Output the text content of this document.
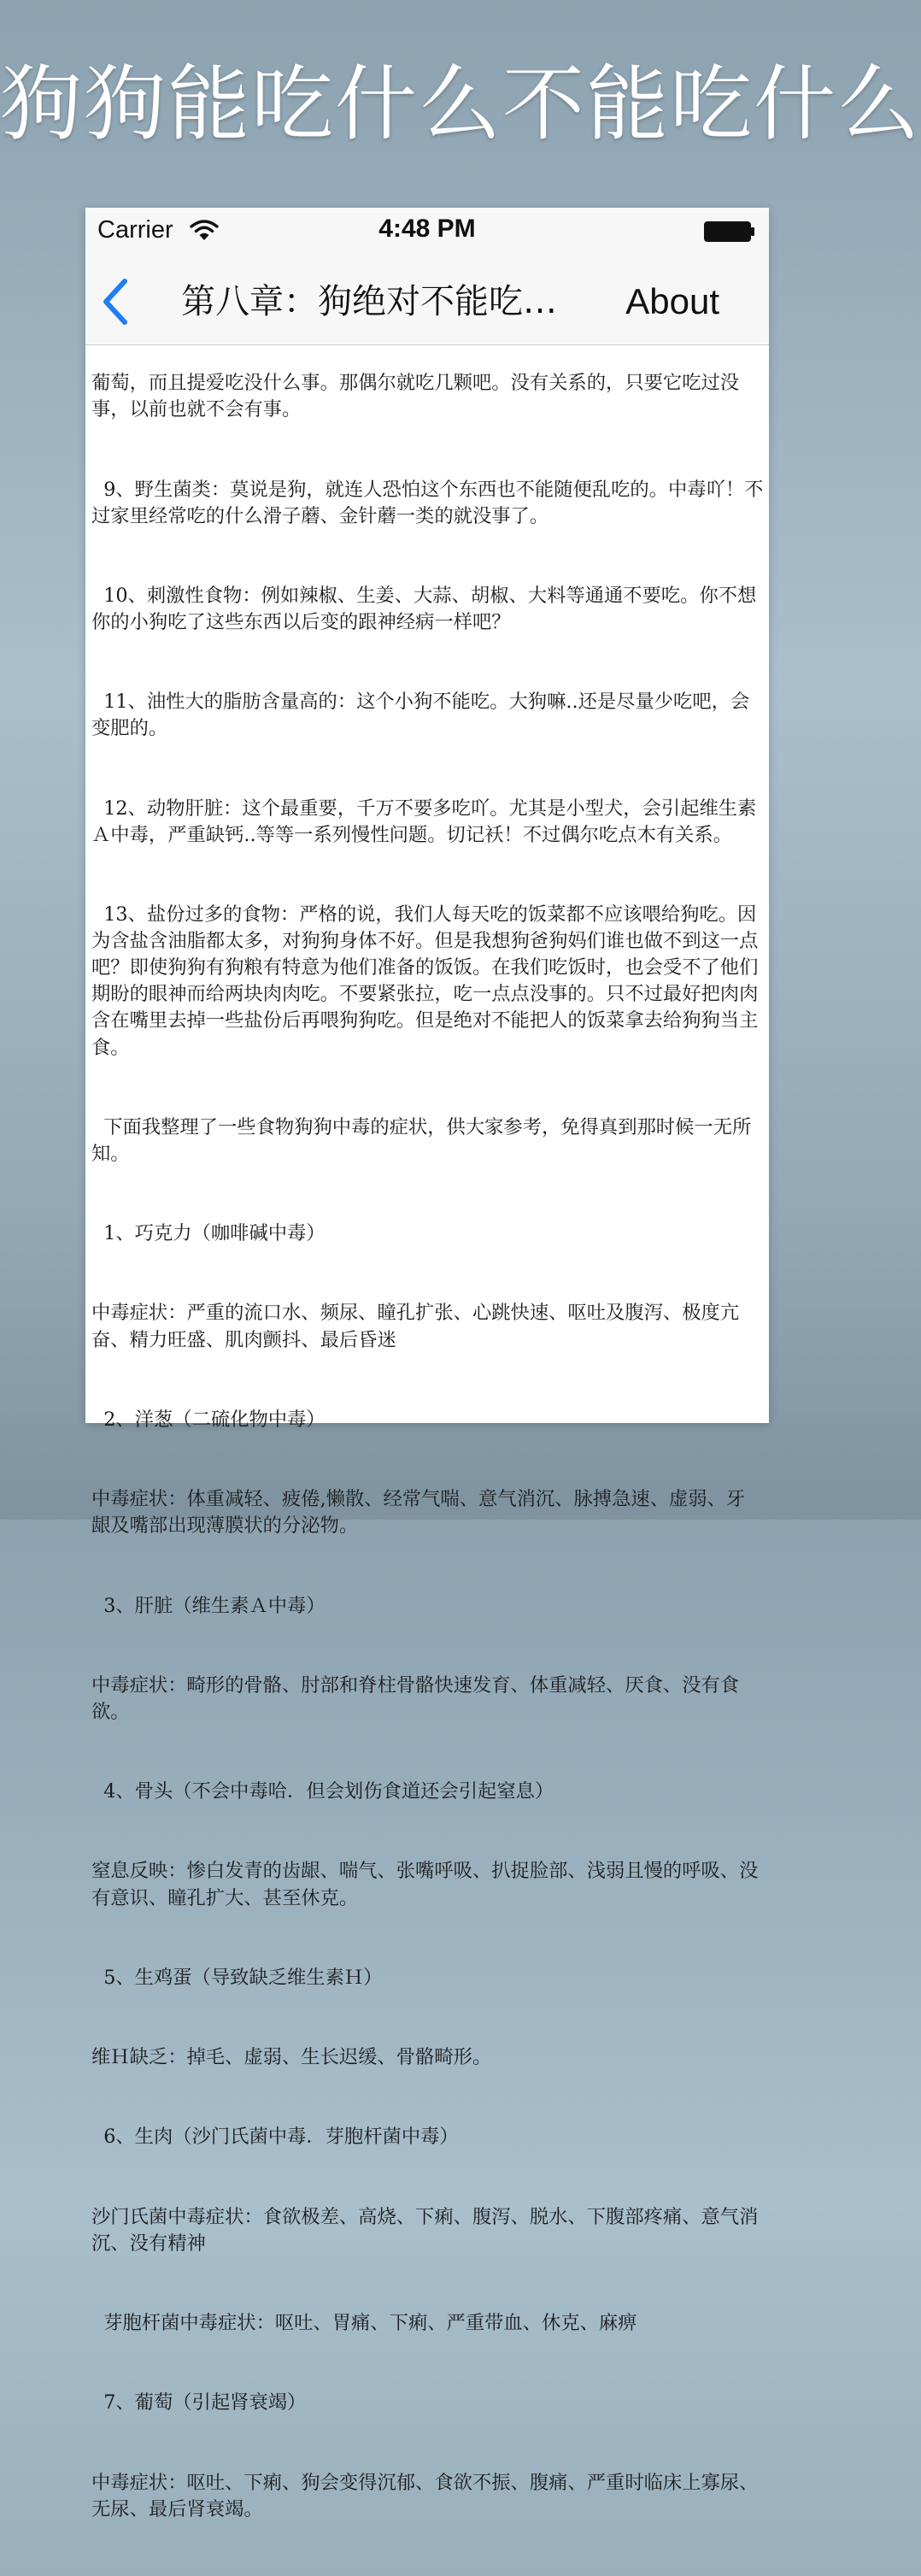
狗狗能吃什么不能吃什么
Carrier	4:48 PM
第八章：狗绝对不能吃…	About

葡萄，而且提爱吃没什么事。那偶尔就吃几颗吧。没有关系的，只要它吃过没事，以前也就不会有事。

9、野生菌类：莫说是狗，就连人恐怕这个东西也不能随便乱吃的。中毒吖！不过家里经常吃的什么滑子蘑、金针蘑一类的就没事了。

10、刺激性食物：例如辣椒、生姜、大蒜、胡椒、大料等通通不要吃。你不想你的小狗吃了这些东西以后变的跟神经病一样吧？

11、油性大的脂肪含量高的：这个小狗不能吃。大狗嘛..还是尽量少吃吧，会变肥的。

12、动物肝脏：这个最重要，千万不要多吃吖。尤其是小型犬，会引起维生素Ａ中毒，严重缺钙..等等一系列慢性问题。切记袄！不过偶尔吃点木有关系。

13、盐份过多的食物：严格的说，我们人每天吃的饭菜都不应该喂给狗吃。因为含盐含油脂都太多，对狗狗身体不好。但是我想狗爸狗妈们谁也做不到这一点吧？即使狗狗有狗粮有特意为他们准备的饭饭。在我们吃饭时，也会受不了他们期盼的眼神而给两块肉肉吃。不要紧张拉，吃一点点没事的。只不过最好把肉肉含在嘴里去掉一些盐份后再喂狗狗吃。但是绝对不能把人的饭菜拿去给狗狗当主食。

下面我整理了一些食物狗狗中毒的症状，供大家参考，免得真到那时候一无所知。

1、巧克力（咖啡碱中毒）

中毒症状：严重的流口水、频尿、瞳孔扩张、心跳快速、呕吐及腹泻、极度亢奋、精力旺盛、肌肉颤抖、最后昏迷

2、洋葱（二硫化物中毒）

中毒症状：体重减轻、疲倦,懒散、经常气喘、意气消沉、脉搏急速、虚弱、牙龈及嘴部出现薄膜状的分泌物。

3、肝脏（维生素Ａ中毒）

中毒症状：畸形的骨骼、肘部和脊柱骨骼快速发育、体重减轻、厌食、没有食欲。

4、骨头（不会中毒哈．但会划伤食道还会引起窒息）

窒息反映：惨白发青的齿龈、喘气、张嘴呼吸、扒捉脸部、浅弱且慢的呼吸、没有意识、瞳孔扩大、甚至休克。

5、生鸡蛋（导致缺乏维生素Ｈ）

维Ｈ缺乏：掉毛、虚弱、生长迟缓、骨骼畸形。

6、生肉（沙门氏菌中毒．芽胞杆菌中毒）

沙门氏菌中毒症状：食欲极差、高烧、下痢、腹泻、脱水、下腹部疼痛、意气消沉、没有精神

芽胞杆菌中毒症状：呕吐、胃痛、下痢、严重带血、休克、麻痹

7、葡萄（引起肾衰竭）

中毒症状：呕吐、下痢、狗会变得沉郁、食欲不振、腹痛、严重时临床上寡尿、无尿、最后肾衰竭。
